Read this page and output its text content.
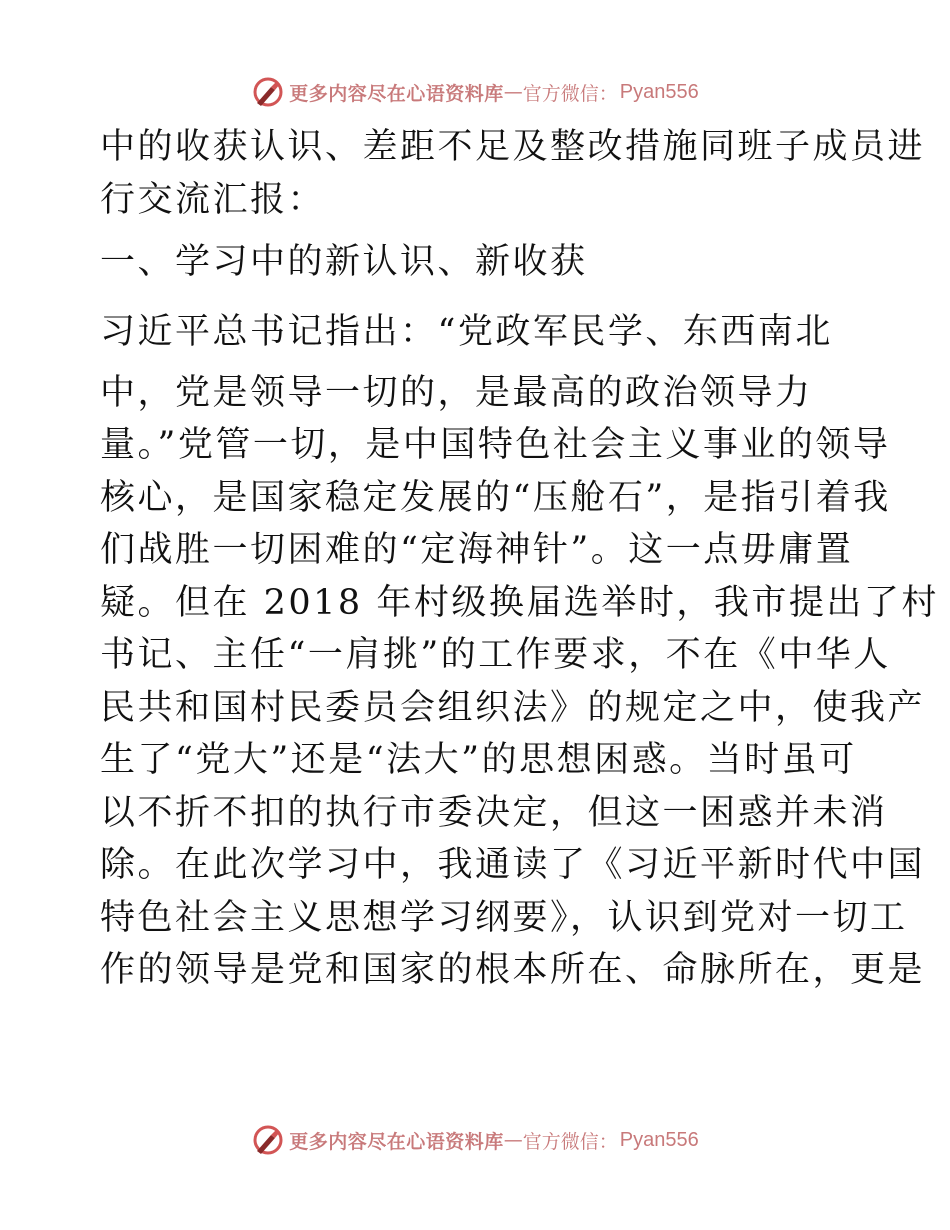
更多内容尽在心语资料库 — 官方微信： Pyan556
中的收获认识、差距不足及整改措施同班子成员进
行交流汇报：
一、学习中的新认识、新收获
习近平总书记指出：“党政军民学、东西南北
中，党是领导一切的，是最高的政治领导力
量。”党管一切，是中国特色社会主义事业的领导
核心，是国家稳定发展的“压舱石”，是指引着我
们战胜一切困难的“定海神针”。这一点毋庸置
疑。但在 2018 年村级换届选举时，我市提出了村
书记、主任“一肩挑”的工作要求，不在《中华人
民共和国村民委员会组织法》的规定之中，使我产
生了“党大”还是“法大”的思想困惑。当时虽可
以不折不扣的执行市委决定，但这一困惑并未消
除。在此次学习中，我通读了《习近平新时代中国
特色社会主义思想学习纲要》，认识到党对一切工
作的领导是党和国家的根本所在、命脉所在，更是
更多内容尽在心语资料库 — 官方微信： Pyan556
